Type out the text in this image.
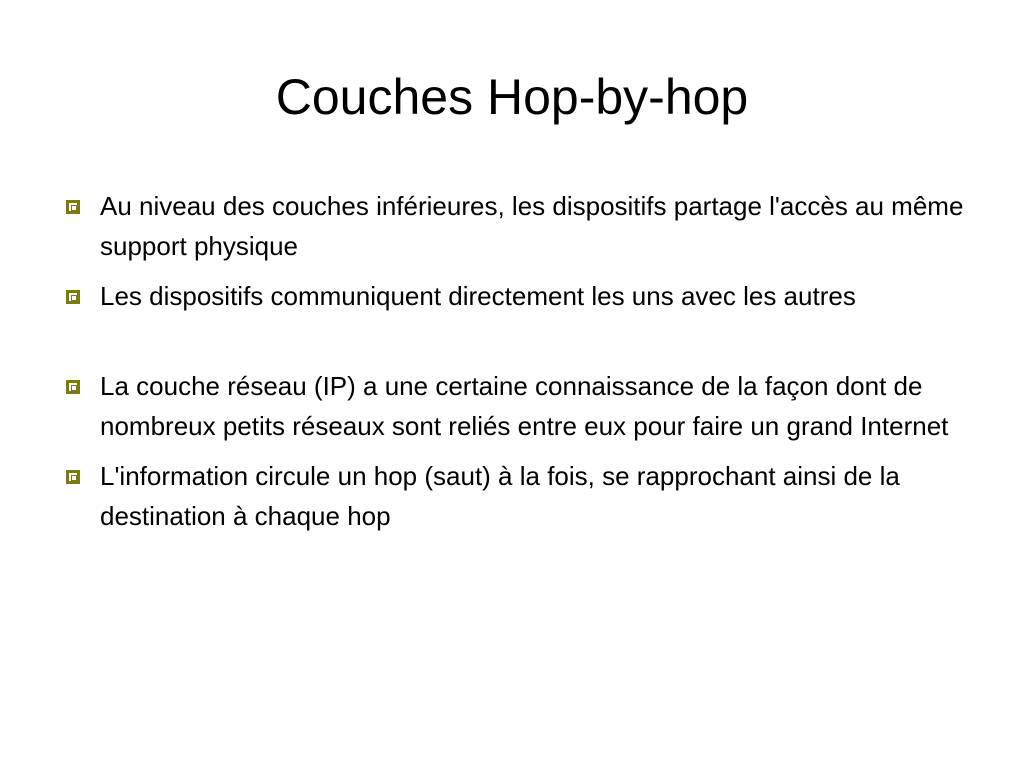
Couches Hop-by-hop
Au niveau des couches inférieures, les dispositifs partage l'accès au même support physique
Les dispositifs communiquent directement les uns avec les autres
La couche réseau (IP) a une certaine connaissance de la façon dont de nombreux petits réseaux sont reliés entre eux pour faire un grand Internet
L'information circule un hop (saut) à la fois, se rapprochant ainsi de la destination à chaque hop
